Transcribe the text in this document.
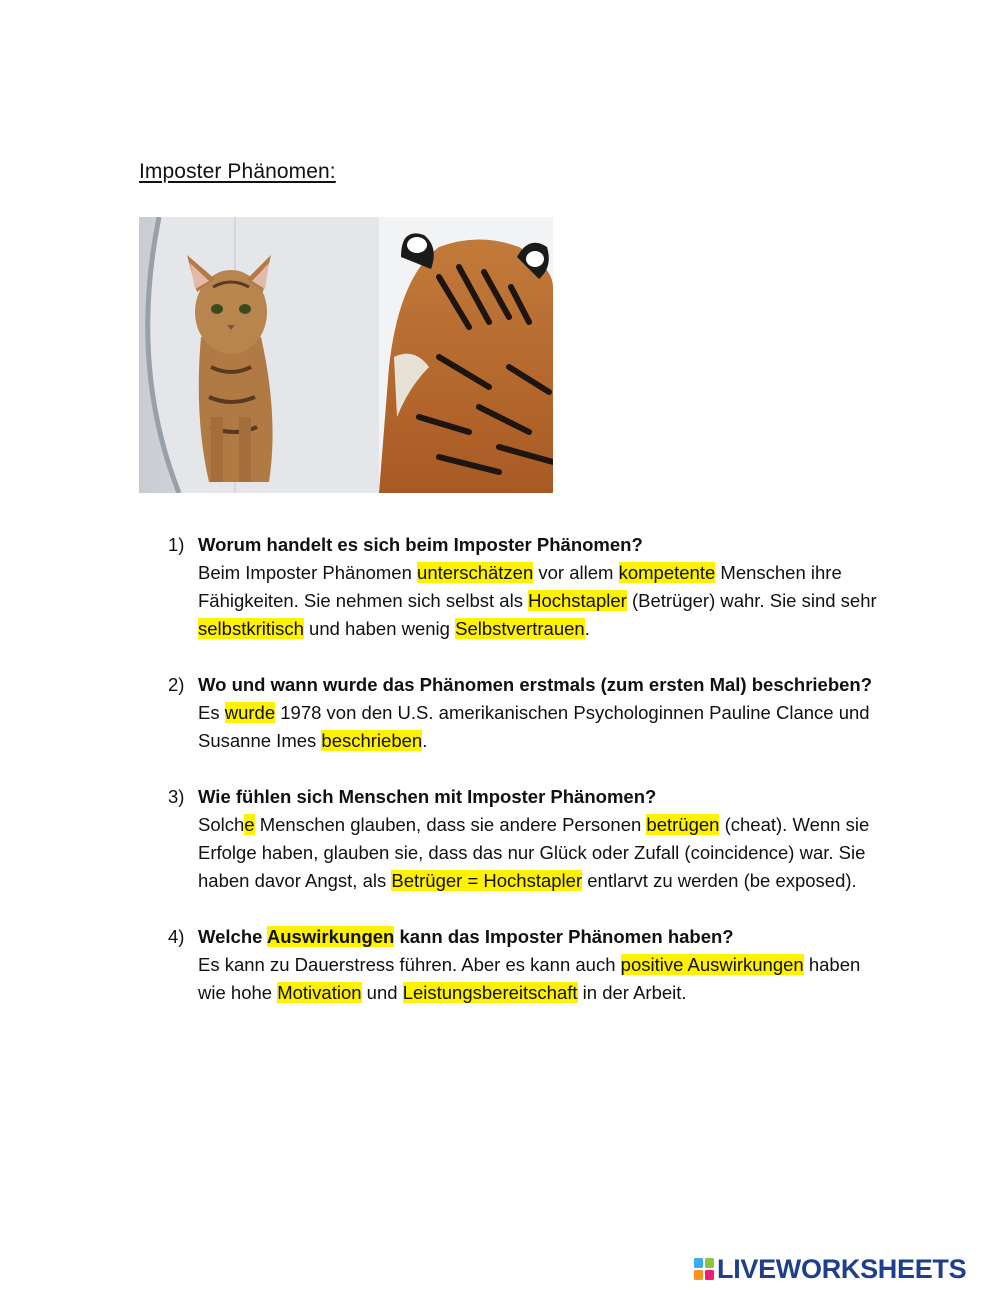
Imposter Phänomen:
1) Worum handelt es sich beim Imposter Phänomen?
Beim Imposter Phänomen unterschätzen vor allem kompetente Menschen ihre Fähigkeiten. Sie nehmen sich selbst als Hochstapler (Betrüger) wahr. Sie sind sehr selbstkritisch und haben wenig Selbstvertrauen.
2) Wo und wann wurde das Phänomen erstmals (zum ersten Mal) beschrieben?
Es wurde 1978 von den U.S. amerikanischen Psychologinnen Pauline Clance und Susanne Imes beschrieben.
3) Wie fühlen sich Menschen mit Imposter Phänomen?
Solche Menschen glauben, dass sie andere Personen betrügen (cheat). Wenn sie Erfolge haben, glauben sie, dass das nur Glück oder Zufall (coincidence) war. Sie haben davor Angst, als Betrüger = Hochstapler entlarvt zu werden (be exposed).
4) Welche Auswirkungen kann das Imposter Phänomen haben?
Es kann zu Dauerstress führen. Aber es kann auch positive Auswirkungen haben wie hohe Motivation und Leistungsbereitschaft in der Arbeit.
LIVEWORKSHEETS
